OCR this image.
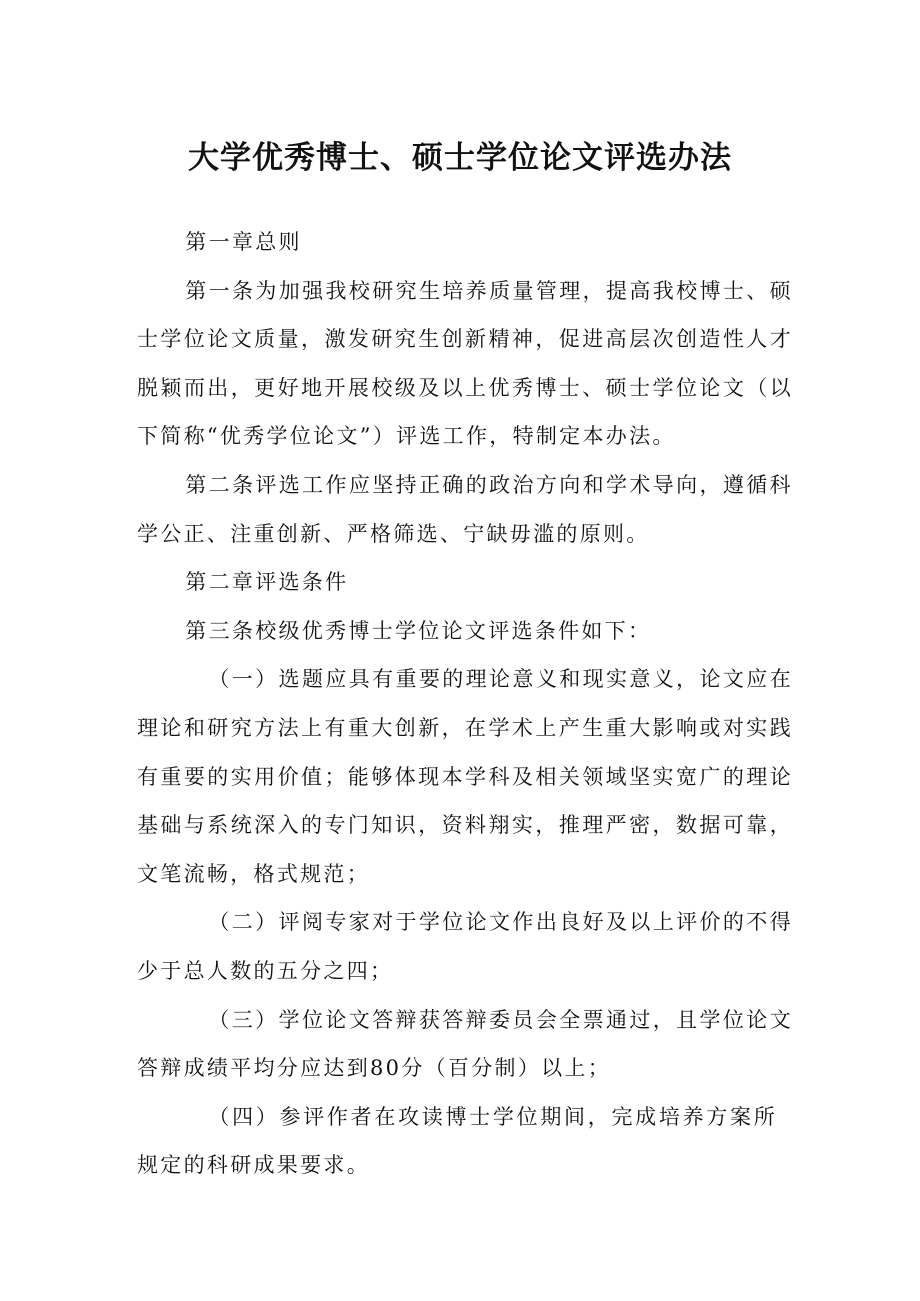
大学优秀博士、硕士学位论文评选办法

第一章总则

第一条为加强我校研究生培养质量管理，提高我校博士、硕士学位论文质量，激发研究生创新精神，促进高层次创造性人才脱颖而出，更好地开展校级及以上优秀博士、硕士学位论文（以下简称“优秀学位论文”）评选工作，特制定本办法。

第二条评选工作应坚持正确的政治方向和学术导向，遵循科学公正、注重创新、严格筛选、宁缺毋滥的原则。

第二章评选条件

第三条校级优秀博士学位论文评选条件如下：

（一）选题应具有重要的理论意义和现实意义，论文应在理论和研究方法上有重大创新，在学术上产生重大影响或对实践有重要的实用价值；能够体现本学科及相关领域坚实宽广的理论基础与系统深入的专门知识，资料翔实，推理严密，数据可靠，文笔流畅，格式规范；

（二）评阅专家对于学位论文作出良好及以上评价的不得少于总人数的五分之四；

（三）学位论文答辩获答辩委员会全票通过，且学位论文答辩成绩平均分应达到80分（百分制）以上；

（四）参评作者在攻读博士学位期间，完成培养方案所规定的科研成果要求。
